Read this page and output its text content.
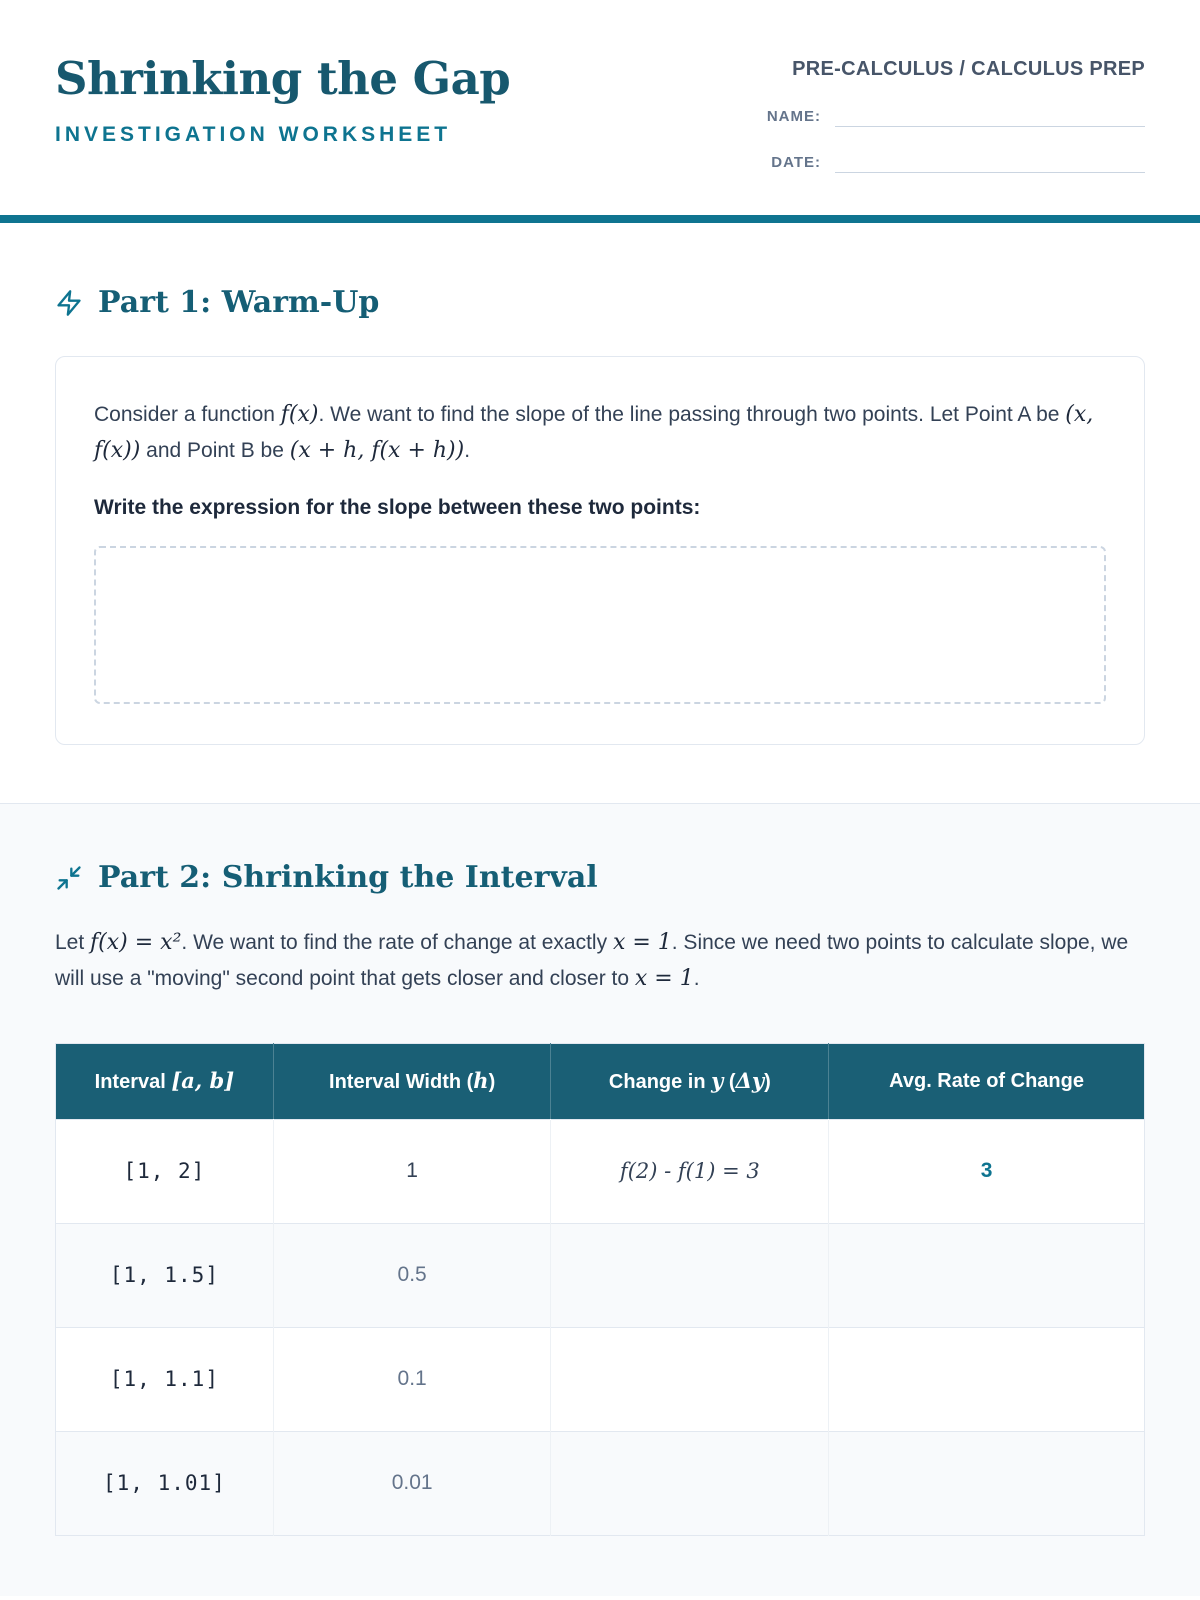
Shrinking the Gap
INVESTIGATION WORKSHEET
PRE-CALCULUS / CALCULUS PREP
NAME:
DATE:
Part 1: Warm-Up

Consider a function f(x). We want to find the slope of the line passing through two points. Let Point A be (x, f(x)) and Point B be (x + h, f(x + h)).

Write the expression for the slope between these two points:

Part 2: Shrinking the Interval

Let f(x) = x². We want to find the rate of change at exactly x = 1. Since we need two points to calculate slope, we will use a "moving" second point that gets closer and closer to x = 1.

Interval [a, b]	Interval Width (h)	Change in y (Δy)	Avg. Rate of Change
[1, 2]	1	f(2) - f(1) = 3	3
[1, 1.5]	0.5		
[1, 1.1]	0.1		
[1, 1.01]	0.01		
